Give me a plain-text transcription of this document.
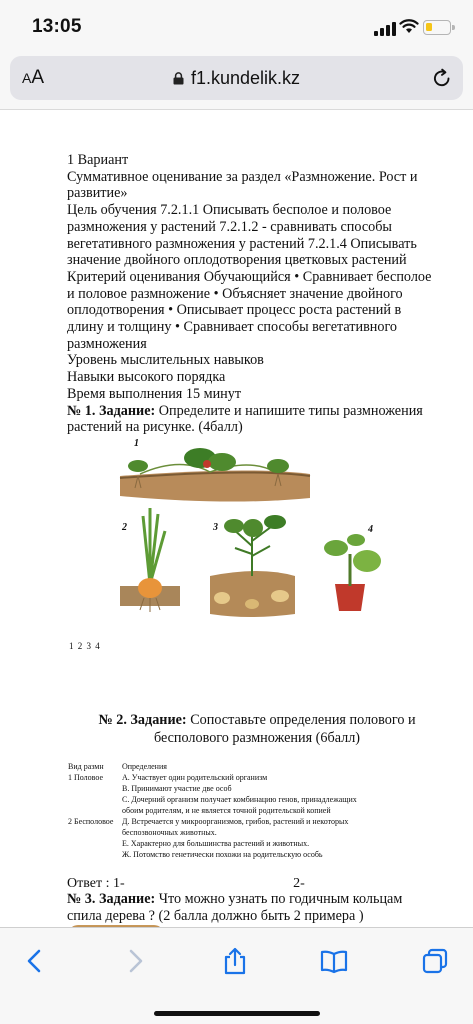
13:05
AA	f1.kundelik.kz
1 Вариант
Суммативное оценивание за раздел «Размножение. Рост и
развитие»
Цель обучения 7.2.1.1 Описывать бесполое и половое
размножения у растений 7.2.1.2 - сравнивать способы
вегетативного размножения у растений 7.2.1.4 Описывать
значение двойного оплодотворения цветковых растений
Критерий оценивания Обучающийся • Сравнивает бесполое
и половое размножение • Объясняет значение двойного
оплодотворения • Описывает процесс роста растений в
длину и толщину • Сравнивает способы вегетативного
размножения
Уровень мыслительных навыков
Навыки высокого порядка
Время выполнения 15 минут
№ 1. Задание: Определите и напишите типы размножения
растений на рисунке. (4балл)
1
2	3	4
1 2 3 4
№ 2. Задание: Сопоставьте определения полового и
бесполового размножения (6балл)
Вид размн	Определения
1 Половое	А. Участвует один родительский организм
	В. Принимают участие две особ
	С. Дочерний организм получает комбинацию генов, принадлежащих
	обоим родителям, и не является точной родительской копией
2 Бесполовое	Д. Встречается у микроорганизмов, грибов, растений и некоторых
	беспозвоночных животных.
	Е. Характерно для большинства растений и животных.
	Ж. Потомство генетически похожи на родительскую особь
Ответ : 1-	2-
№ 3. Задание: Что можно узнать по годичным кольцам
спила дерева ? (2 балла должно быть 2 примера )
